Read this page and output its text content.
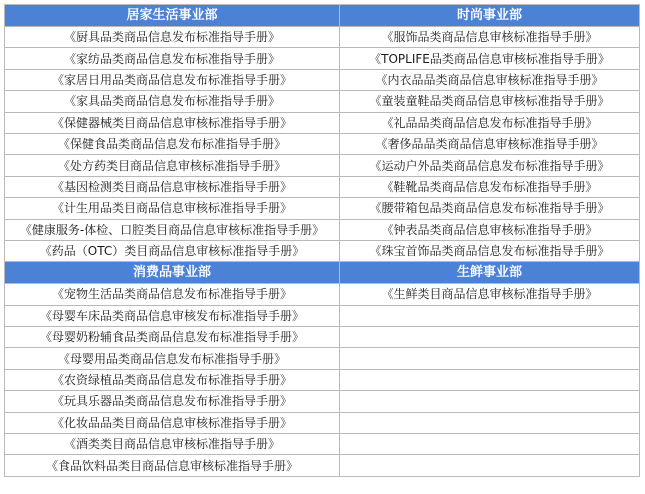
居家生活事业部	时尚事业部
《厨具品类商品信息发布标准指导手册》	《服饰品类商品信息审核标准指导手册》
《家纺品类商品信息发布标准指导手册》	《TOPLIFE品类商品信息审核标准指导手册》
《家居日用品类商品信息发布标准指导手册》	《内衣品品类商品信息审核标准指导手册》
《家具品类商品信息发布标准指导手册》	《童装童鞋品类商品信息审核标准指导手册》
《保健器械类目商品信息审核标准指导手册》	《礼品品类商品信息发布标准指导手册》
《保健食品类商品信息发布标准指导手册》	《奢侈品品类商品信息审核标准指导手册》
《处方药类目商品信息审核标准指导手册》	《运动户外品类商品信息发布标准指导手册》
《基因检测类目商品信息审核标准指导手册》	《鞋靴品类商品信息发布标准指导手册》
《计生用品类目商品信息审核标准指导手册》	《腰带箱包品类商品信息发布标准指导手册》
《健康服务-体检、口腔类目商品信息审核标准指导手册》	《钟表品类商品信息审核标准指导手册》
《药品（OTC）类目商品信息审核标准指导手册》	《珠宝首饰品类商品信息发布标准指导手册》
消费品事业部	生鲜事业部
《宠物生活品类商品信息发布标准指导手册》	《生鲜类目商品信息审核标准指导手册》
《母婴车床品类商品信息审核发布标准指导手册》	
《母婴奶粉辅食品类商品信息发布标准指导手册》	
《母婴用品类商品信息发布标准指导手册》	
《农资绿植品类商品信息发布标准指导手册》	
《玩具乐器品类商品信息发布标准指导手册》	
《化妆品品类目商品信息审核标准指导手册》	
《酒类类目商品信息审核标准指导手册》	
《食品饮料品类目商品信息审核标准指导手册》	
